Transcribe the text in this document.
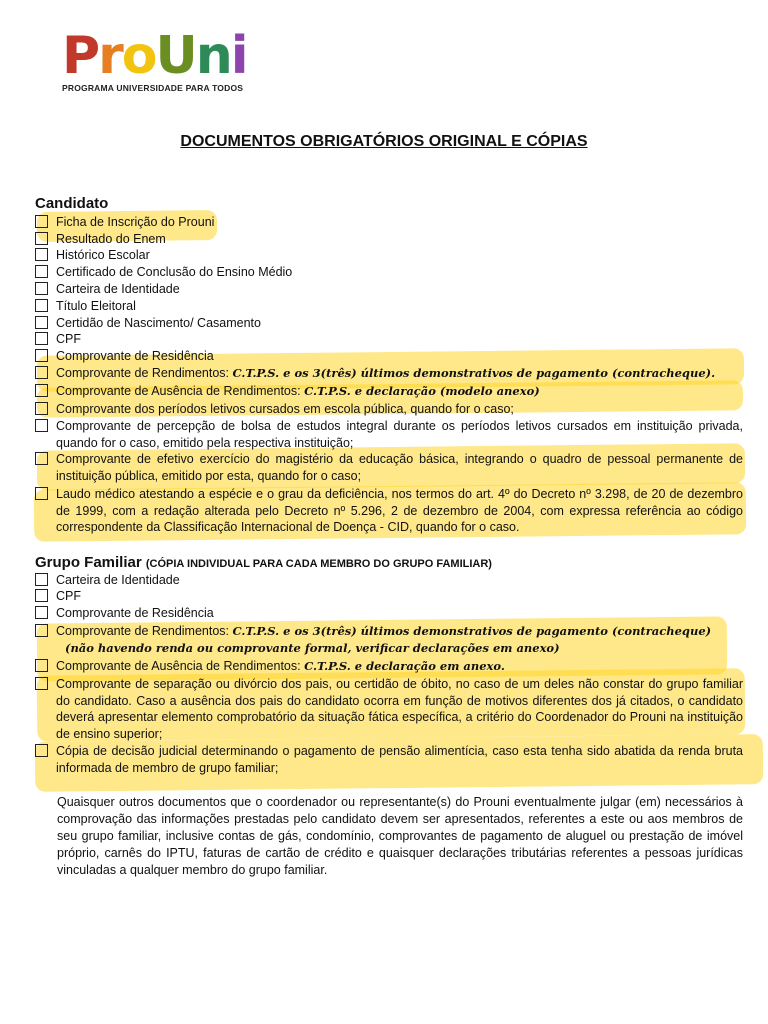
ProUni
PROGRAMA UNIVERSIDADE PARA TODOS
DOCUMENTOS OBRIGATÓRIOS ORIGINAL E CÓPIAS
Candidato
Ficha de Inscrição do Prouni
Resultado do Enem
Histórico Escolar
Certificado de Conclusão do Ensino Médio
Carteira de Identidade
Título Eleitoral
Certidão de Nascimento/ Casamento
CPF
Comprovante de Residência
Comprovante de Rendimentos: C.T.P.S. e os 3(três) últimos demonstrativos de pagamento (contracheque).
Comprovante de Ausência de Rendimentos: C.T.P.S. e declaração (modelo anexo)
Comprovante dos períodos letivos cursados em escola pública, quando for o caso;
Comprovante de percepção de bolsa de estudos integral durante os períodos letivos cursados em instituição privada, quando for o caso, emitido pela respectiva instituição;
Comprovante de efetivo exercício do magistério da educação básica, integrando o quadro de pessoal permanente de instituição pública, emitido por esta, quando for o caso;
Laudo médico atestando a espécie e o grau da deficiência, nos termos do art. 4º do Decreto nº 3.298, de 20 de dezembro de 1999, com a redação alterada pelo Decreto nº 5.296, 2 de dezembro de 2004, com expressa referência ao código correspondente da Classificação Internacional de Doença - CID, quando for o caso.
Grupo Familiar (CÓPIA INDIVIDUAL PARA CADA MEMBRO DO GRUPO FAMILIAR)
Carteira de Identidade
CPF
Comprovante de Residência
Comprovante de Rendimentos: C.T.P.S. e os 3(três) últimos demonstrativos de pagamento (contracheque)
(não havendo renda ou comprovante formal, verificar declarações em anexo)
Comprovante de Ausência de Rendimentos: C.T.P.S. e declaração em anexo.
Comprovante de separação ou divórcio dos pais, ou certidão de óbito, no caso de um deles não constar do grupo familiar do candidato. Caso a ausência dos pais do candidato ocorra em função de motivos diferentes dos já citados, o candidato deverá apresentar elemento comprobatório da situação fática específica, a critério do Coordenador do Prouni na instituição de ensino superior;
Cópia de decisão judicial determinando o pagamento de pensão alimentícia, caso esta tenha sido abatida da renda bruta informada de membro de grupo familiar;
Quaisquer outros documentos que o coordenador ou representante(s) do Prouni eventualmente julgar (em) necessários à comprovação das informações prestadas pelo candidato devem ser apresentados, referentes a este ou aos membros de seu grupo familiar, inclusive contas de gás, condomínio, comprovantes de pagamento de aluguel ou prestação de imóvel próprio, carnês do IPTU, faturas de cartão de crédito e quaisquer declarações tributárias referentes a pessoas jurídicas vinculadas a qualquer membro do grupo familiar.
